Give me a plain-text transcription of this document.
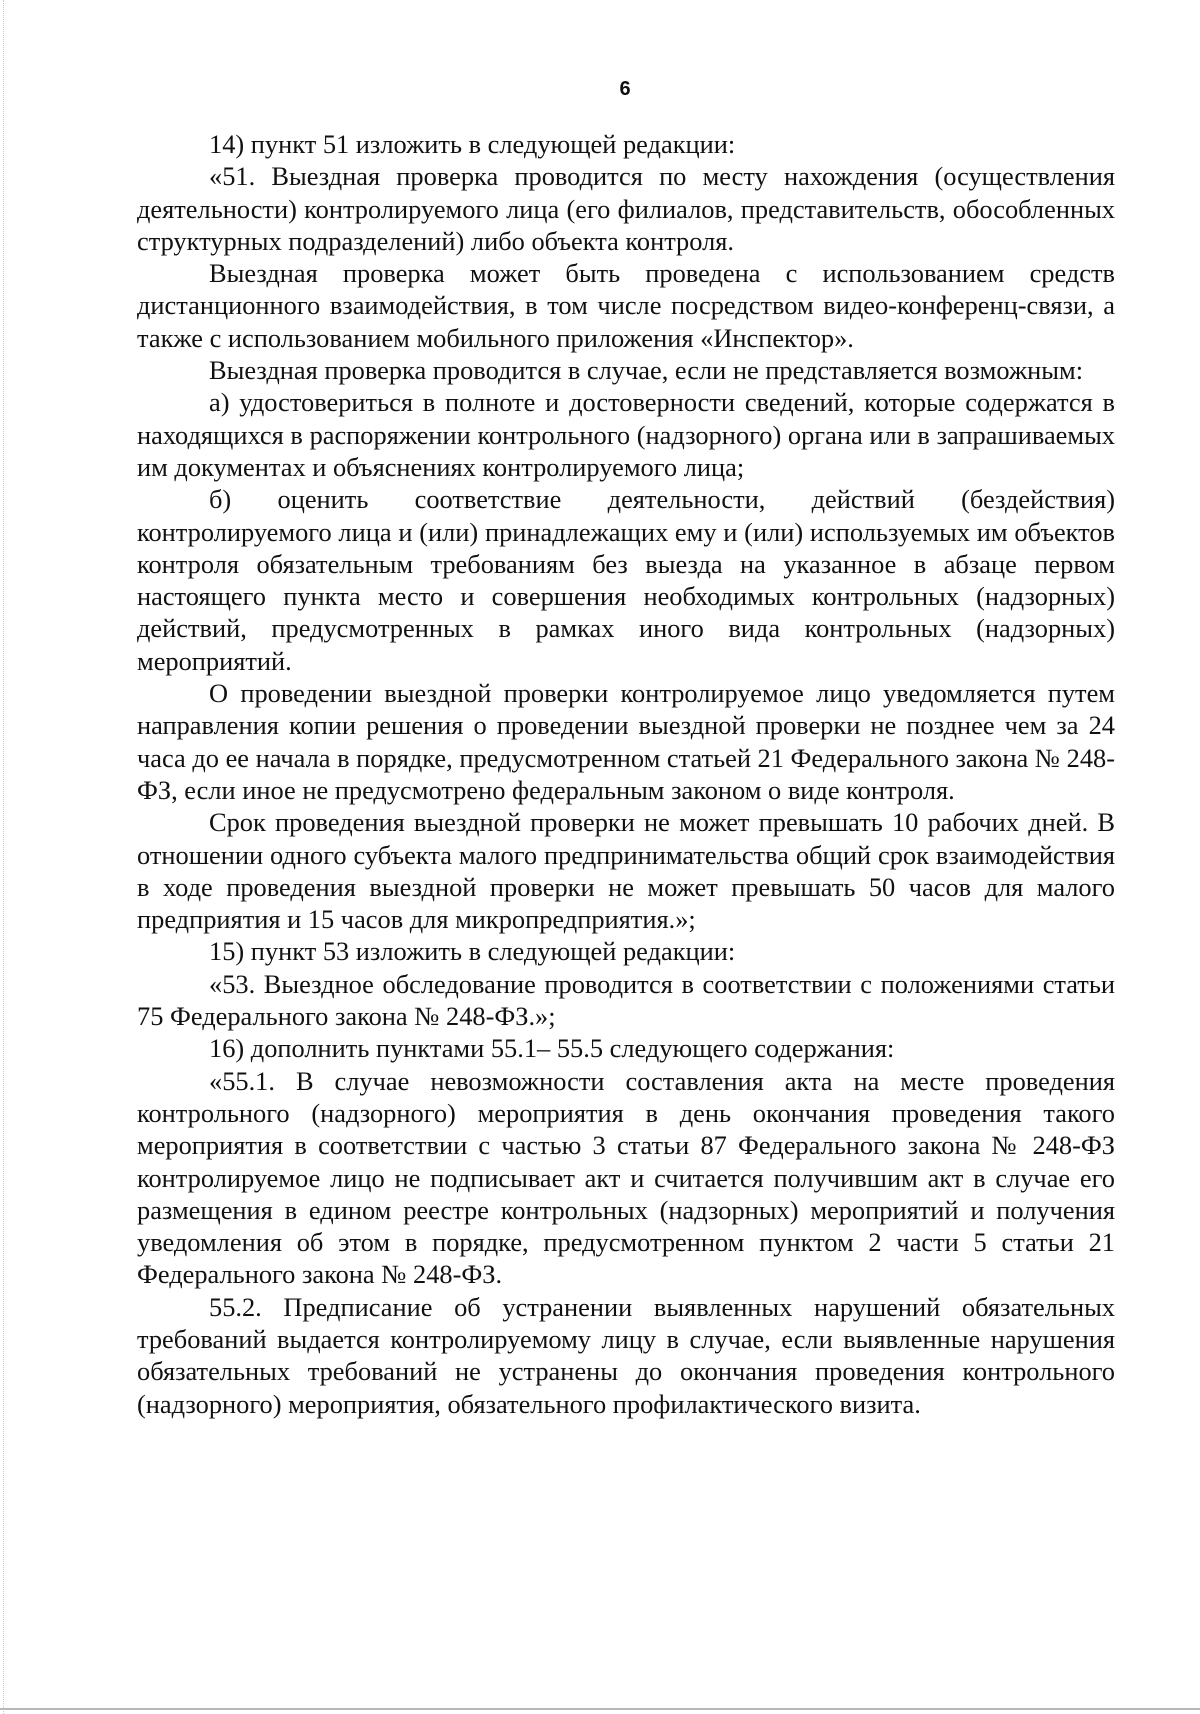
6

14) пункт 51 изложить в следующей редакции:

«51. Выездная проверка проводится по месту нахождения (осуществления деятельности) контролируемого лица (его филиалов, представительств, обособленных структурных подразделений) либо объекта контроля.

Выездная проверка может быть проведена с использованием средств дистанционного взаимодействия, в том числе посредством видео-конференц-связи, а также с использованием мобильного приложения «Инспектор».

Выездная проверка проводится в случае, если не представляется возможным:

а) удостовериться в полноте и достоверности сведений, которые содержатся в находящихся в распоряжении контрольного (надзорного) органа или в запрашиваемых им документах и объяснениях контролируемого лица;

б) оценить соответствие деятельности, действий (бездействия) контролируемого лица и (или) принадлежащих ему и (или) используемых им объектов контроля обязательным требованиям без выезда на указанное в абзаце первом настоящего пункта место и совершения необходимых контрольных (надзорных) действий, предусмотренных в рамках иного вида контрольных (надзорных) мероприятий.

О проведении выездной проверки контролируемое лицо уведомляется путем направления копии решения о проведении выездной проверки не позднее чем за 24 часа до ее начала в порядке, предусмотренном статьей 21 Федерального закона № 248-ФЗ, если иное не предусмотрено федеральным законом о виде контроля.

Срок проведения выездной проверки не может превышать 10 рабочих дней. В отношении одного субъекта малого предпринимательства общий срок взаимодействия в ходе проведения выездной проверки не может превышать 50 часов для малого предприятия и 15 часов для микропредприятия.»;

15) пункт 53 изложить в следующей редакции:

«53. Выездное обследование проводится в соответствии с положениями статьи 75 Федерального закона № 248-ФЗ.»;

16) дополнить пунктами 55.1– 55.5 следующего содержания:

«55.1. В случае невозможности составления акта на месте проведения контрольного (надзорного) мероприятия в день окончания проведения такого мероприятия в соответствии с частью 3 статьи 87 Федерального закона № 248-ФЗ контролируемое лицо не подписывает акт и считается получившим акт в случае его размещения в едином реестре контрольных (надзорных) мероприятий и получения уведомления об этом в порядке, предусмотренном пунктом 2 части 5 статьи 21 Федерального закона № 248-ФЗ.

55.2. Предписание об устранении выявленных нарушений обязательных требований выдается контролируемому лицу в случае, если выявленные нарушения обязательных требований не устранены до окончания проведения контрольного (надзорного) мероприятия, обязательного профилактического визита.
